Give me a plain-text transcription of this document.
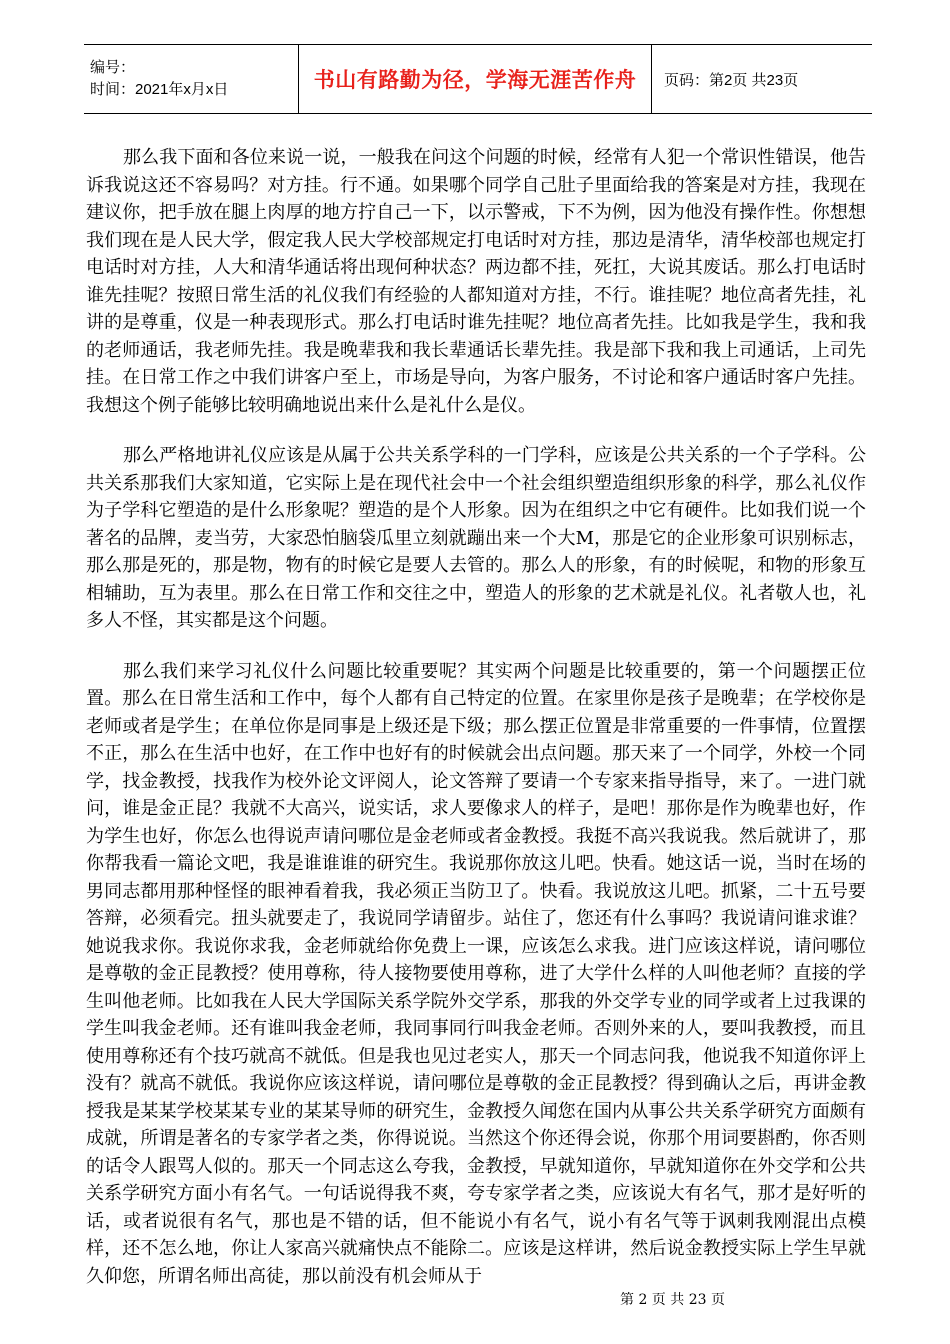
编号：
时间：2021年x月x日	书山有路勤为径，学海无涯苦作舟	页码：第2页 共23页

那么我下面和各位来说一说，一般我在问这个问题的时候，经常有人犯一个常识性错误，他告诉我说这还不容易吗？对方挂。行不通。如果哪个同学自己肚子里面给我的答案是对方挂，我现在建议你，把手放在腿上肉厚的地方拧自己一下，以示警戒，下不为例，因为他没有操作性。你想想我们现在是人民大学，假定我人民大学校部规定打电话时对方挂，那边是清华，清华校部也规定打电话时对方挂，人大和清华通话将出现何种状态？两边都不挂，死扛，大说其废话。那么打电话时谁先挂呢？按照日常生活的礼仪我们有经验的人都知道对方挂，不行。谁挂呢？地位高者先挂，礼讲的是尊重，仪是一种表现形式。那么打电话时谁先挂呢？地位高者先挂。比如我是学生，我和我的老师通话，我老师先挂。我是晚辈我和我长辈通话长辈先挂。我是部下我和我上司通话，上司先挂。在日常工作之中我们讲客户至上，市场是导向，为客户服务，不讨论和客户通话时客户先挂。我想这个例子能够比较明确地说出来什么是礼什么是仪。

那么严格地讲礼仪应该是从属于公共关系学科的一门学科，应该是公共关系的一个子学科。公共关系那我们大家知道，它实际上是在现代社会中一个社会组织塑造组织形象的科学，那么礼仪作为子学科它塑造的是什么形象呢？塑造的是个人形象。因为在组织之中它有硬件。比如我们说一个著名的品牌，麦当劳，大家恐怕脑袋瓜里立刻就蹦出来一个大M，那是它的企业形象可识别标志，那么那是死的，那是物，物有的时候它是要人去管的。那么人的形象，有的时候呢，和物的形象互相辅助，互为表里。那么在日常工作和交往之中，塑造人的形象的艺术就是礼仪。礼者敬人也，礼多人不怪，其实都是这个问题。

那么我们来学习礼仪什么问题比较重要呢？其实两个问题是比较重要的，第一个问题摆正位置。那么在日常生活和工作中，每个人都有自己特定的位置。在家里你是孩子是晚辈；在学校你是老师或者是学生；在单位你是同事是上级还是下级；那么摆正位置是非常重要的一件事情，位置摆不正，那么在生活中也好，在工作中也好有的时候就会出点问题。那天来了一个同学，外校一个同学，找金教授，找我作为校外论文评阅人，论文答辩了要请一个专家来指导指导，来了。一进门就问，谁是金正昆？我就不大高兴，说实话，求人要像求人的样子，是吧！那你是作为晚辈也好，作为学生也好，你怎么也得说声请问哪位是金老师或者金教授。我挺不高兴我说我。然后就讲了，那你帮我看一篇论文吧，我是谁谁谁的研究生。我说那你放这儿吧。快看。她这话一说，当时在场的男同志都用那种怪怪的眼神看着我，我必须正当防卫了。快看。我说放这儿吧。抓紧，二十五号要答辩，必须看完。扭头就要走了，我说同学请留步。站住了，您还有什么事吗？我说请问谁求谁？她说我求你。我说你求我，金老师就给你免费上一课，应该怎么求我。进门应该这样说，请问哪位是尊敬的金正昆教授？使用尊称，待人接物要使用尊称，进了大学什么样的人叫他老师？直接的学生叫他老师。比如我在人民大学国际关系学院外交学系，那我的外交学专业的同学或者上过我课的学生叫我金老师。还有谁叫我金老师，我同事同行叫我金老师。否则外来的人，要叫我教授，而且使用尊称还有个技巧就高不就低。但是我也见过老实人，那天一个同志问我，他说我不知道你评上没有？就高不就低。我说你应该这样说，请问哪位是尊敬的金正昆教授？得到确认之后，再讲金教授我是某某学校某某专业的某某导师的研究生，金教授久闻您在国内从事公共关系学研究方面颇有成就，所谓是著名的专家学者之类，你得说说。当然这个你还得会说，你那个用词要斟酌，你否则的话令人跟骂人似的。那天一个同志这么夸我，金教授，早就知道你，早就知道你在外交学和公共关系学研究方面小有名气。一句话说得我不爽，夸专家学者之类，应该说大有名气，那才是好听的话，或者说很有名气，那也是不错的话，但不能说小有名气，说小有名气等于讽刺我刚混出点模样，还不怎么地，你让人家高兴就痛快点不能除二。应该是这样讲，然后说金教授实际上学生早就久仰您，所谓名师出高徒，那以前没有机会师从于

第 2 页 共 23 页
